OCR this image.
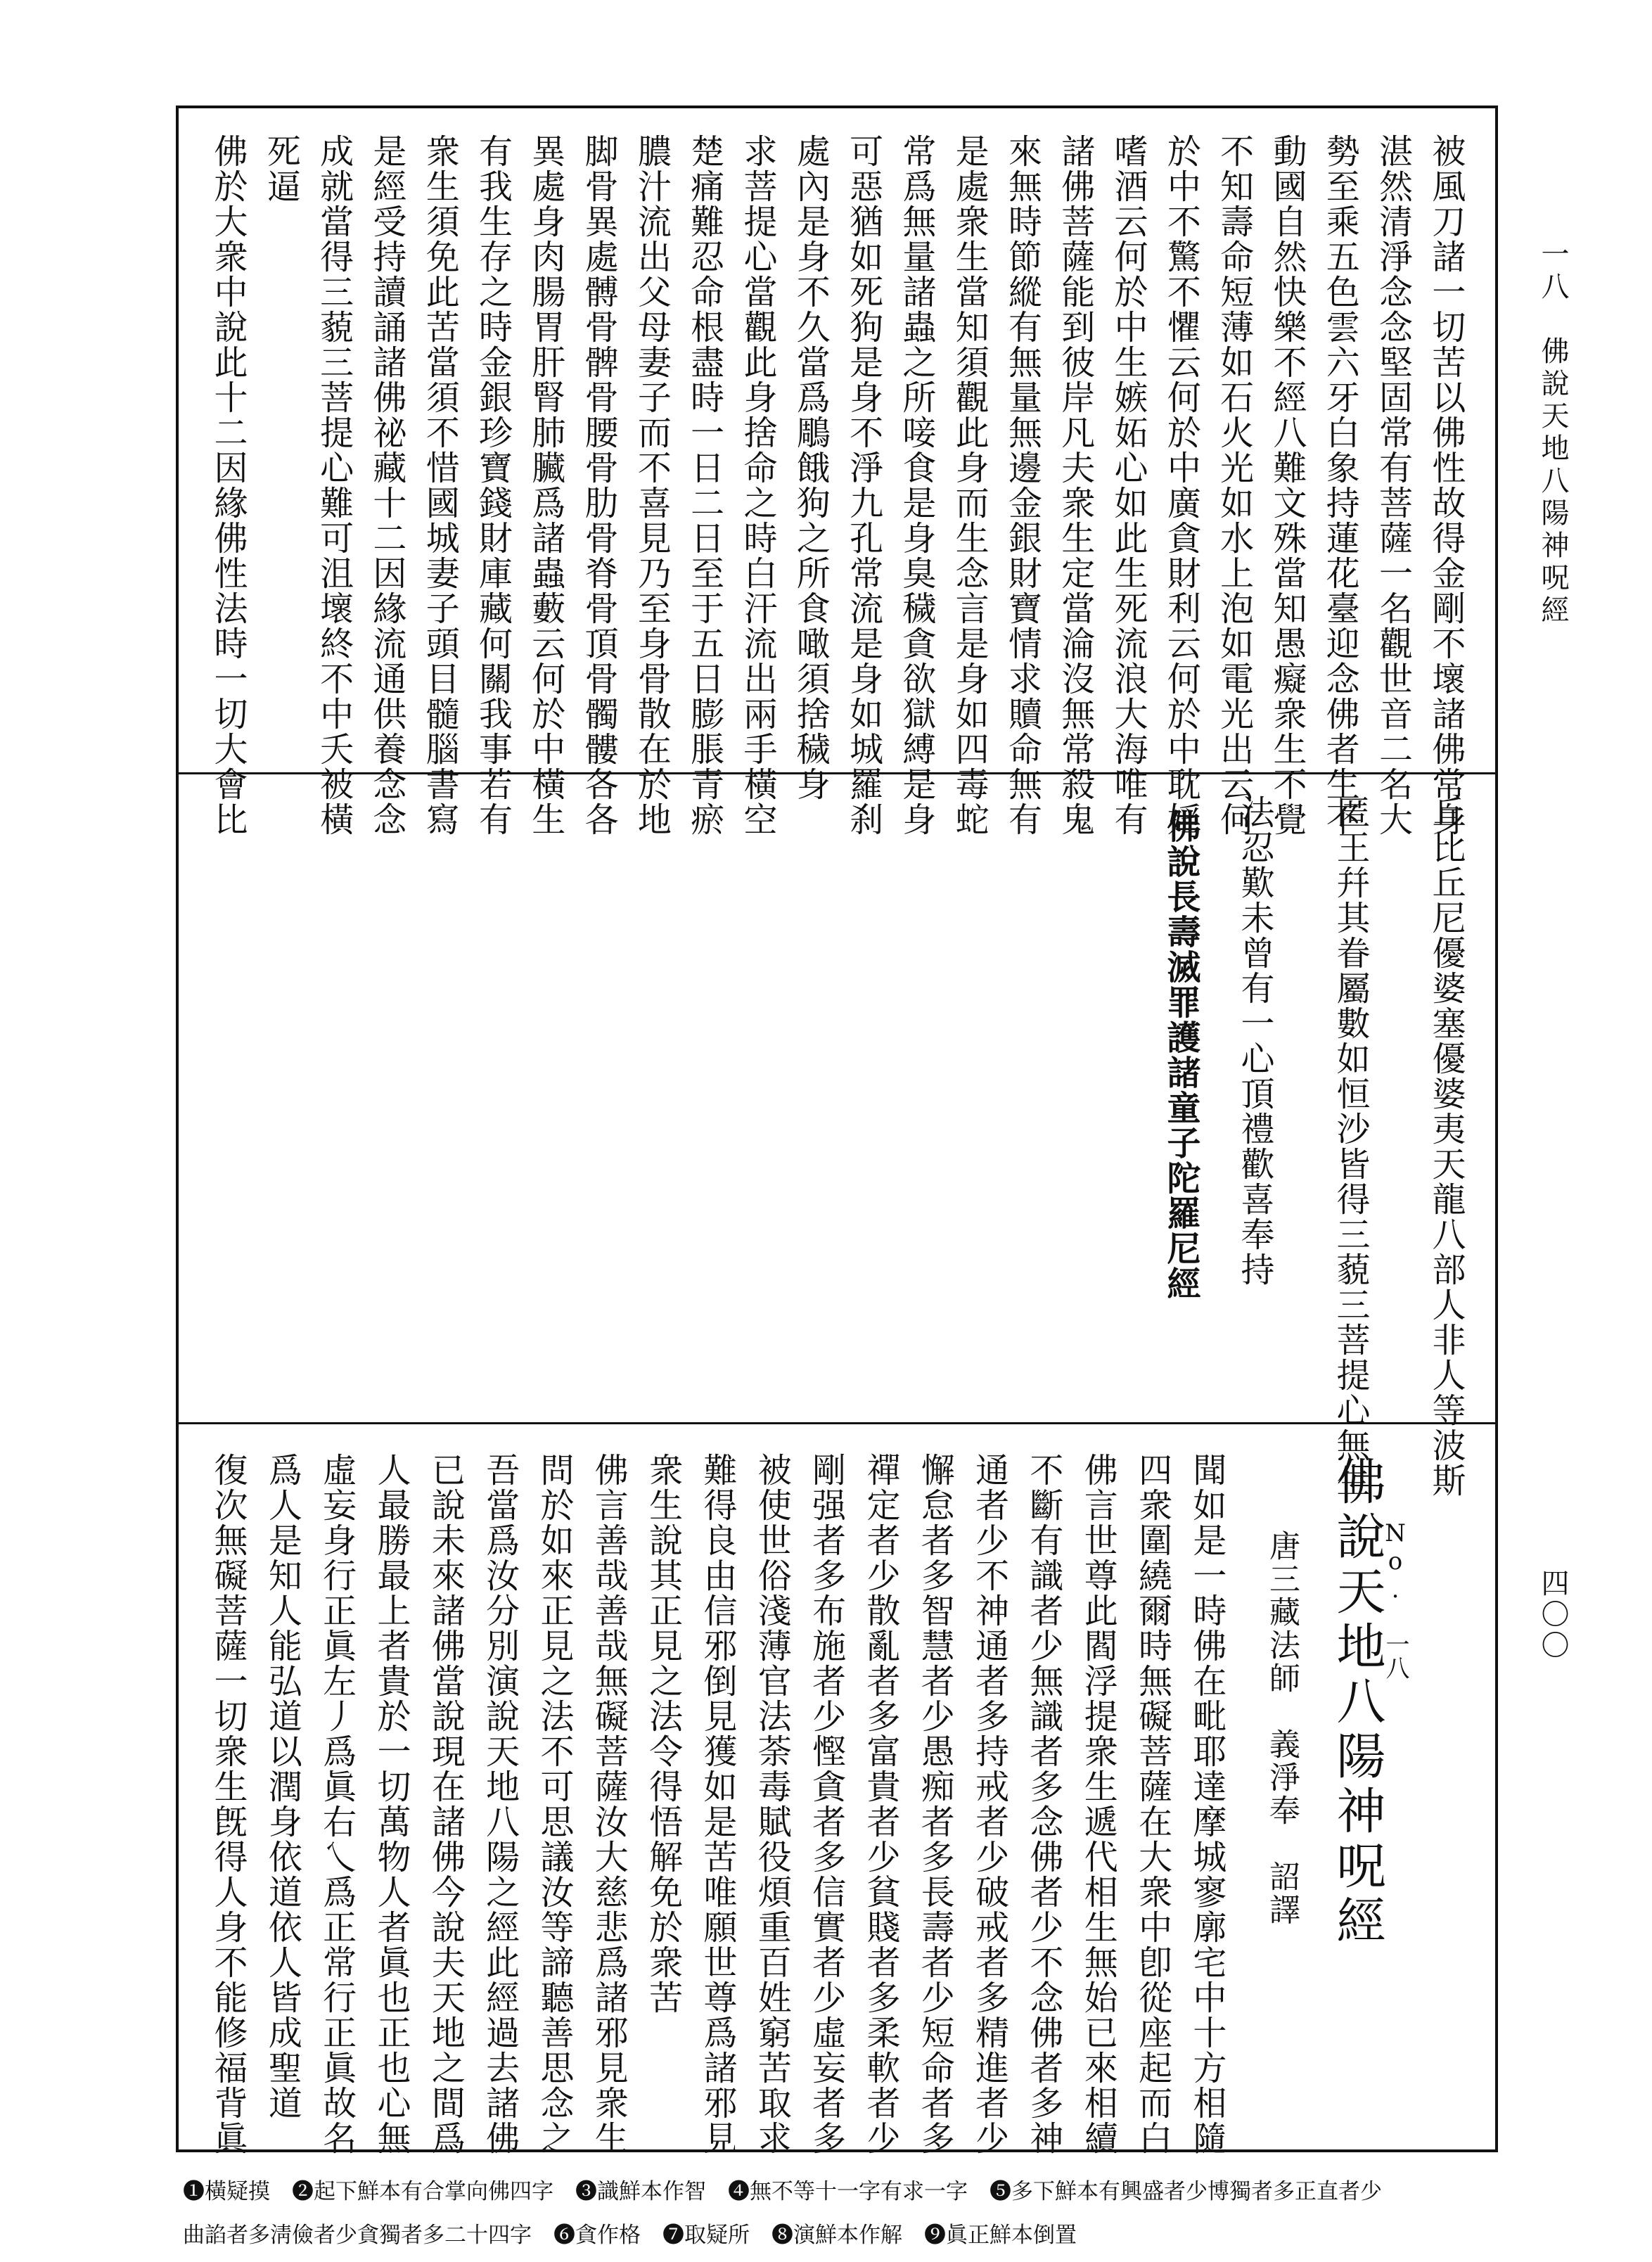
一八　佛說天地八陽神呪經
四〇〇
被風刀諸一切苦以佛性故得金剛不壞諸佛常身
湛然清淨念念堅固常有菩薩一名觀世音二名大
勢至乘五色雲六牙白象持蓮花臺迎念佛者生不
動國自然快樂不經八難文殊當知愚癡衆生不覺
不知壽命短薄如石火光如水上泡如電光出云何
於中不驚不懼云何於中廣貪財利云何於中耽婬
嗜酒云何於中生嫉妬心如此生死流浪大海唯有
諸佛菩薩能到彼岸凡夫衆生定當淪沒無常殺鬼
來無時節縱有無量無邊金銀財寶情求贖命無有
是處衆生當知須觀此身而生念言是身如四毒蛇
常爲無量諸蟲之所唼食是身臭穢貪欲獄縛是身
可惡猶如死狗是身不淨九孔常流是身如城羅刹
處內是身不久當爲鵰餓狗之所食噉須捨穢身
求菩提心當觀此身捨命之時白汗流出兩手橫空
楚痛難忍命根盡時一日二日至于五日膨脹青瘀
膿汁流出父母妻子而不喜見乃至身骨散在於地
脚骨異處髆骨髀骨腰骨肋骨脊骨頂骨髑髏各各
異處身肉腸胃肝腎肺臟爲諸蟲藪云何於中橫生
有我生存之時金銀珍寶錢財庫藏何關我事若有
衆生須免此苦當須不惜國城妻子頭目髓腦書寫
是經受持讀誦諸佛祕藏十二因緣流通供養念念
成就當得三藐三菩提心難可沮壞終不中夭被橫
死逼
佛於大衆中說此十二因緣佛性法時一切大會比
丘比丘尼優婆塞優婆夷天龍八部人非人等波斯
匿王幷其眷屬數如恒沙皆得三藐三菩提心無生
法忍歎未曾有一心頂禮歡喜奉持
佛說長壽滅罪護諸童子陀羅尼經
No. 一八
佛說天地八陽神呪經
唐三藏法師　義淨奉　詔譯
聞如是一時佛在毗耶達摩城寥廓宅中十方相隨
四衆圍繞爾時無礙菩薩在大衆中卽從座起而白
佛言世尊此閻浮提衆生遞代相生無始已來相續
不斷有識者少無識者多念佛者少不念佛者多神
通者少不神通者多持戒者少破戒者多精進者少
懈怠者多智慧者少愚痴者多長壽者少短命者多
禪定者少散亂者多富貴者少貧賤者多柔軟者少
剛强者多布施者少慳貪者多信實者少虛妄者多
被使世俗淺薄官法荼毒賦役煩重百姓窮苦取求
難得良由信邪倒見獲如是苦唯願世尊爲諸邪見
衆生說其正見之法令得悟解免於衆苦
佛言善哉善哉無礙菩薩汝大慈悲爲諸邪見衆生
問於如來正見之法不可思議汝等諦聽善思念之
吾當爲汝分別演說天地八陽之經此經過去諸佛
已說未來諸佛當說現在諸佛今說夫天地之間爲
人最勝最上者貴於一切萬物人者眞也正也心無
虛妄身行正眞左丿爲眞右乀爲正常行正眞故名
爲人是知人能弘道以潤身依道依人皆成聖道
復次無礙菩薩一切衆生旣得人身不能修福背眞

❶橫疑摸　❷起下鮮本有合掌向佛四字　❸識鮮本作智　❹無不等十一字有求一字　❺多下鮮本有興盛者少博獨者多正直者少

曲諂者多淸儉者少貪獨者多二十四字　❻貪作格　❼取疑所　❽演鮮本作解　❾眞正鮮本倒置
